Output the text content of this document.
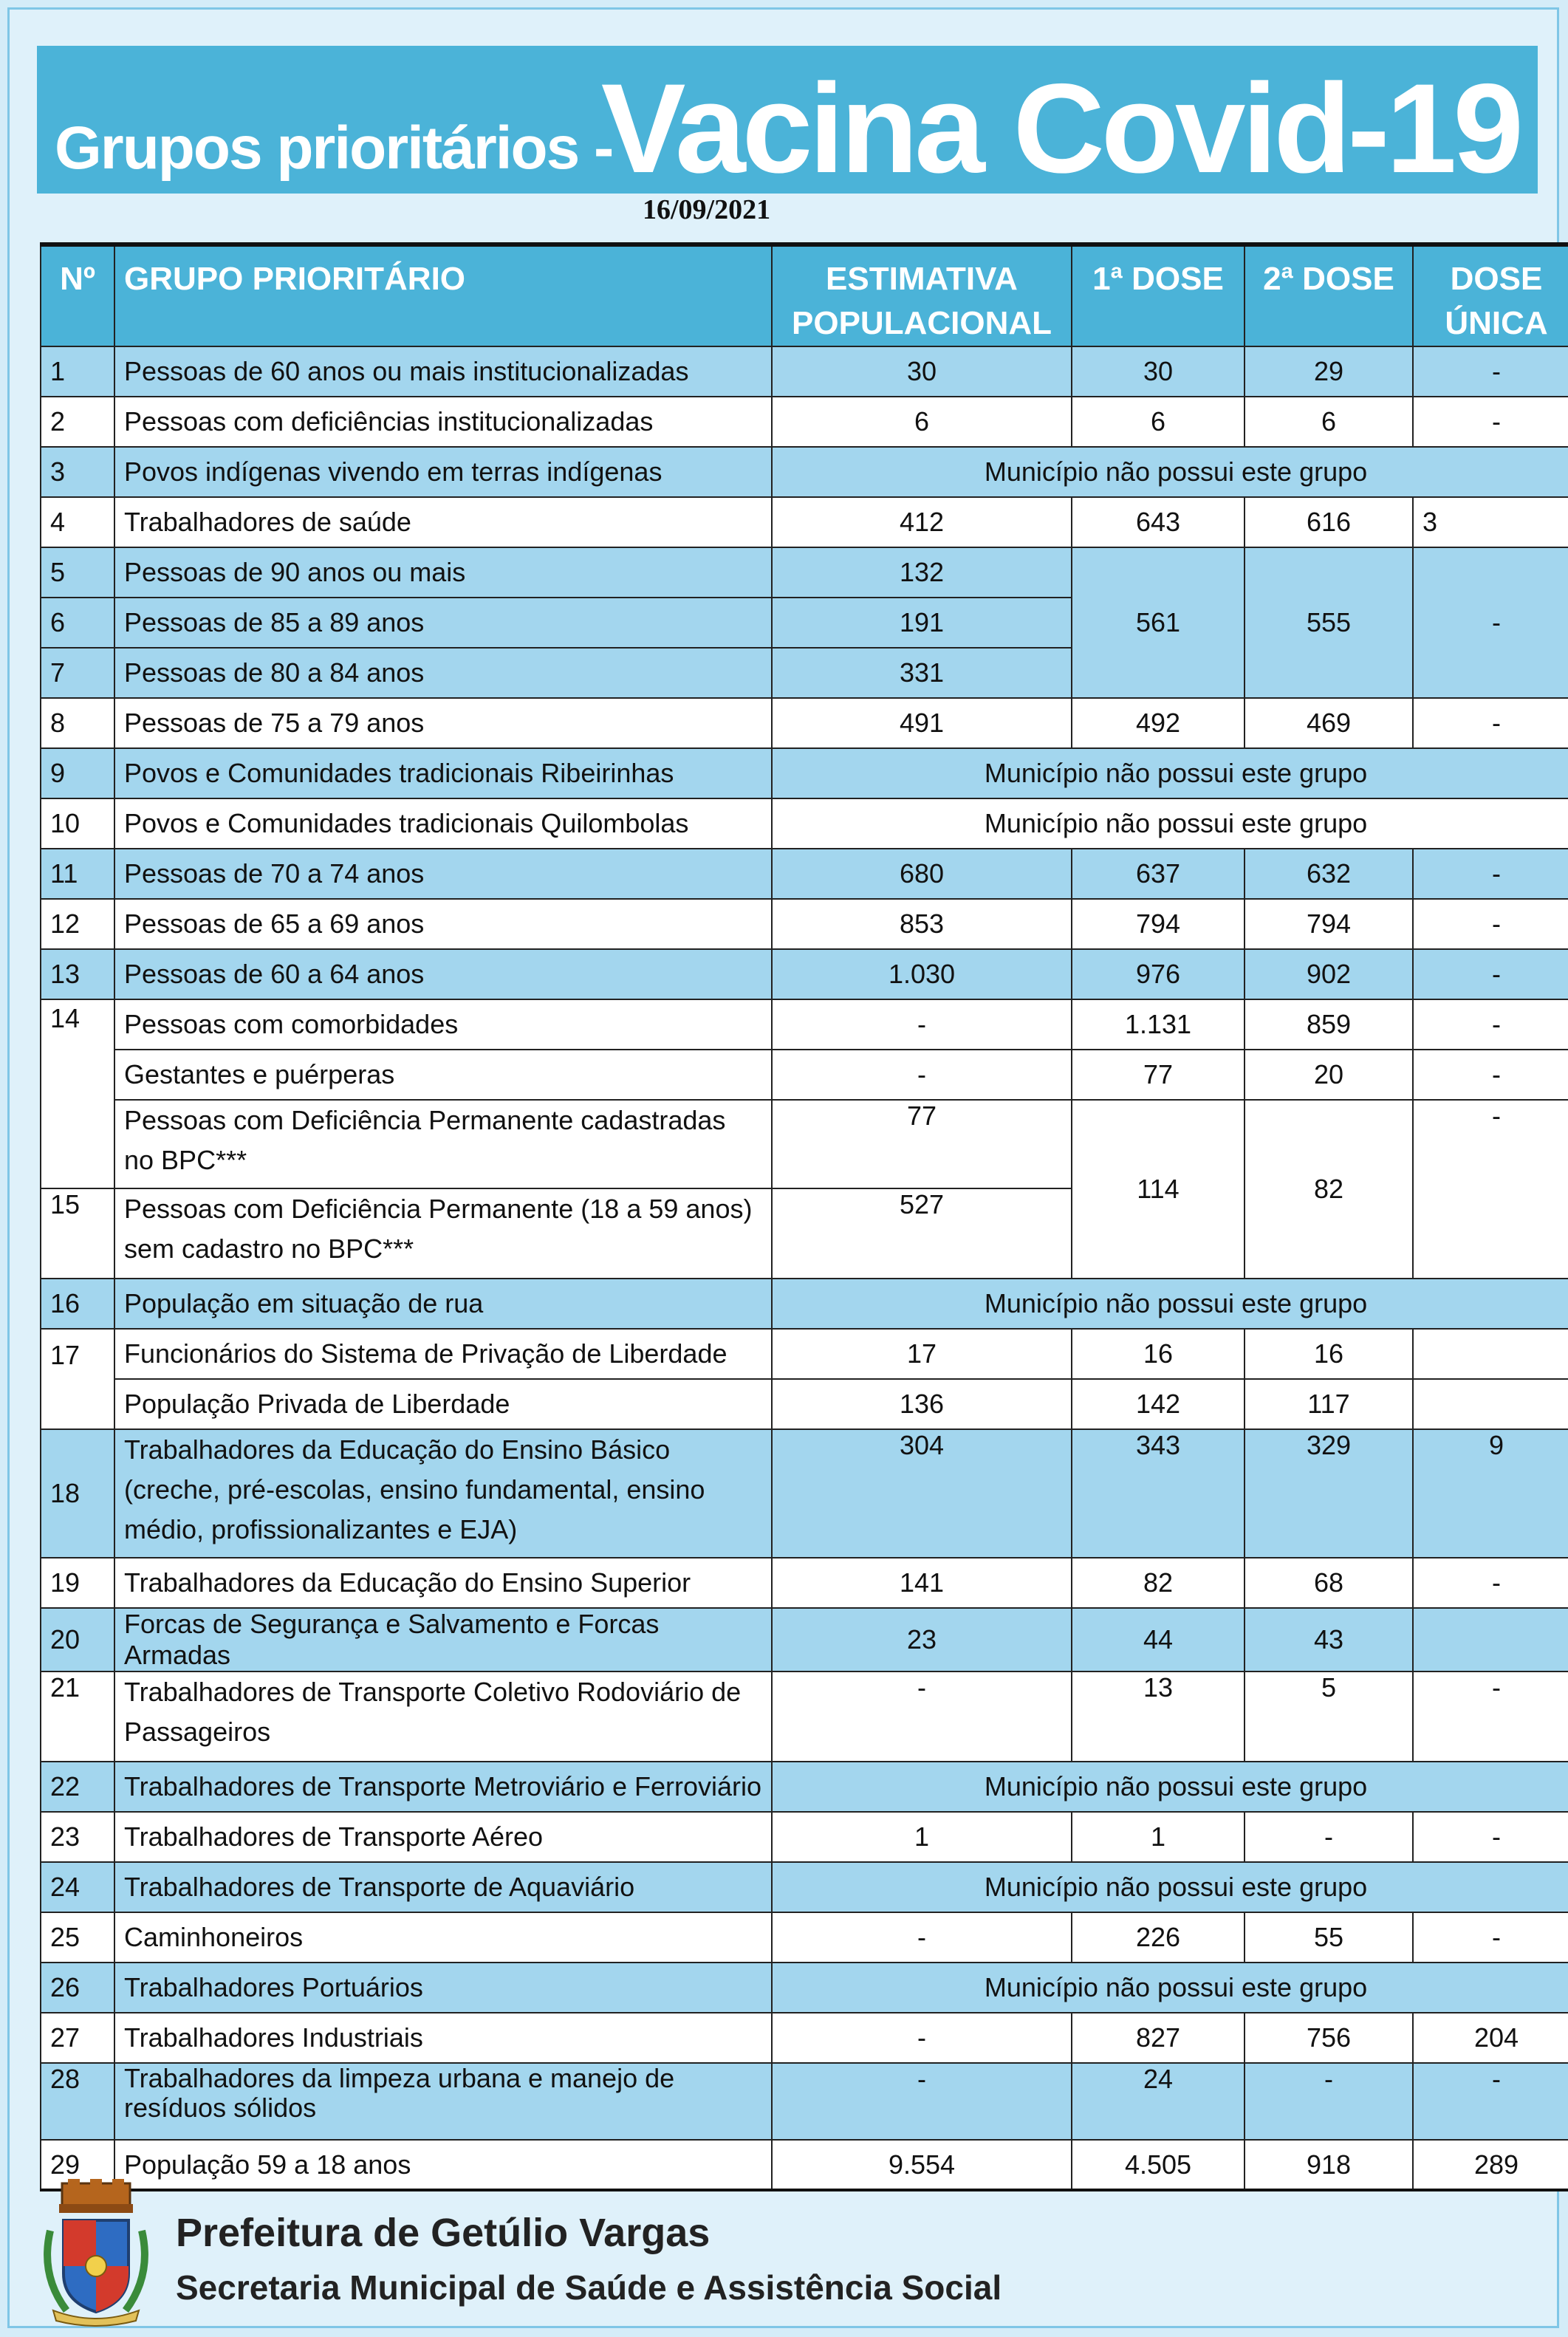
Grupos prioritários -
Vacina Covid-19
16/09/2021
Nº	GRUPO PRIORITÁRIO	ESTIMATIVA POPULACIONAL	1ª DOSE	2ª DOSE	DOSE ÚNICA
1	Pessoas de 60 anos ou mais institucionalizadas	30	30	29	-
2	Pessoas com deficiências institucionalizadas	6	6	6	-
3	Povos indígenas vivendo em terras indígenas	Município não possui este grupo			
4	Trabalhadores de saúde	412	643	616	3
5	Pessoas de 90 anos ou mais	132	561	555	-
6	Pessoas de 85 a 89 anos	191			
7	Pessoas de 80 a 84 anos	331			
8	Pessoas de 75 a 79 anos	491	492	469	-
9	Povos e Comunidades tradicionais Ribeirinhas	Município não possui este grupo			
10	Povos e Comunidades tradicionais Quilombolas	Município não possui este grupo			
11	Pessoas de 70 a 74 anos	680	637	632	-
12	Pessoas de 65 a 69 anos	853	794	794	-
13	Pessoas de 60 a 64 anos	1.030	976	902	-
14	Pessoas com comorbidades	-	1.131	859	-
	Gestantes e puérperas	-	77	20	-
	Pessoas com Deficiência Permanente cadastradas no BPC***	77	114	82	-
15	Pessoas com Deficiência Permanente (18 a 59 anos) sem cadastro no BPC***	527			
16	População em situação de rua	Município não possui este grupo			
17	Funcionários do Sistema de Privação de Liberdade	17	16	16	
	População Privada de Liberdade	136	142	117	
18	Trabalhadores da Educação do Ensino Básico (creche, pré-escolas, ensino fundamental, ensino médio, profissionalizantes e EJA)	304	343	329	9
19	Trabalhadores da Educação do Ensino Superior	141	82	68	-
20	Forcas de Segurança e Salvamento e Forcas Armadas	23	44	43	
21	Trabalhadores de Transporte Coletivo Rodoviário de Passageiros	-	13	5	-
22	Trabalhadores de Transporte Metroviário e Ferroviário	Município não possui este grupo			
23	Trabalhadores de Transporte Aéreo	1	1	-	-
24	Trabalhadores de Transporte de Aquaviário	Município não possui este grupo			
25	Caminhoneiros	-	226	55	-
26	Trabalhadores Portuários	Município não possui este grupo			
27	Trabalhadores Industriais	-	827	756	204
28	Trabalhadores da limpeza urbana e manejo de resíduos sólidos	-	24	-	-
29	População 59 a 18 anos	9.554	4.505	918	289
Prefeitura de Getúlio Vargas
Secretaria Municipal de Saúde e Assistência Social
